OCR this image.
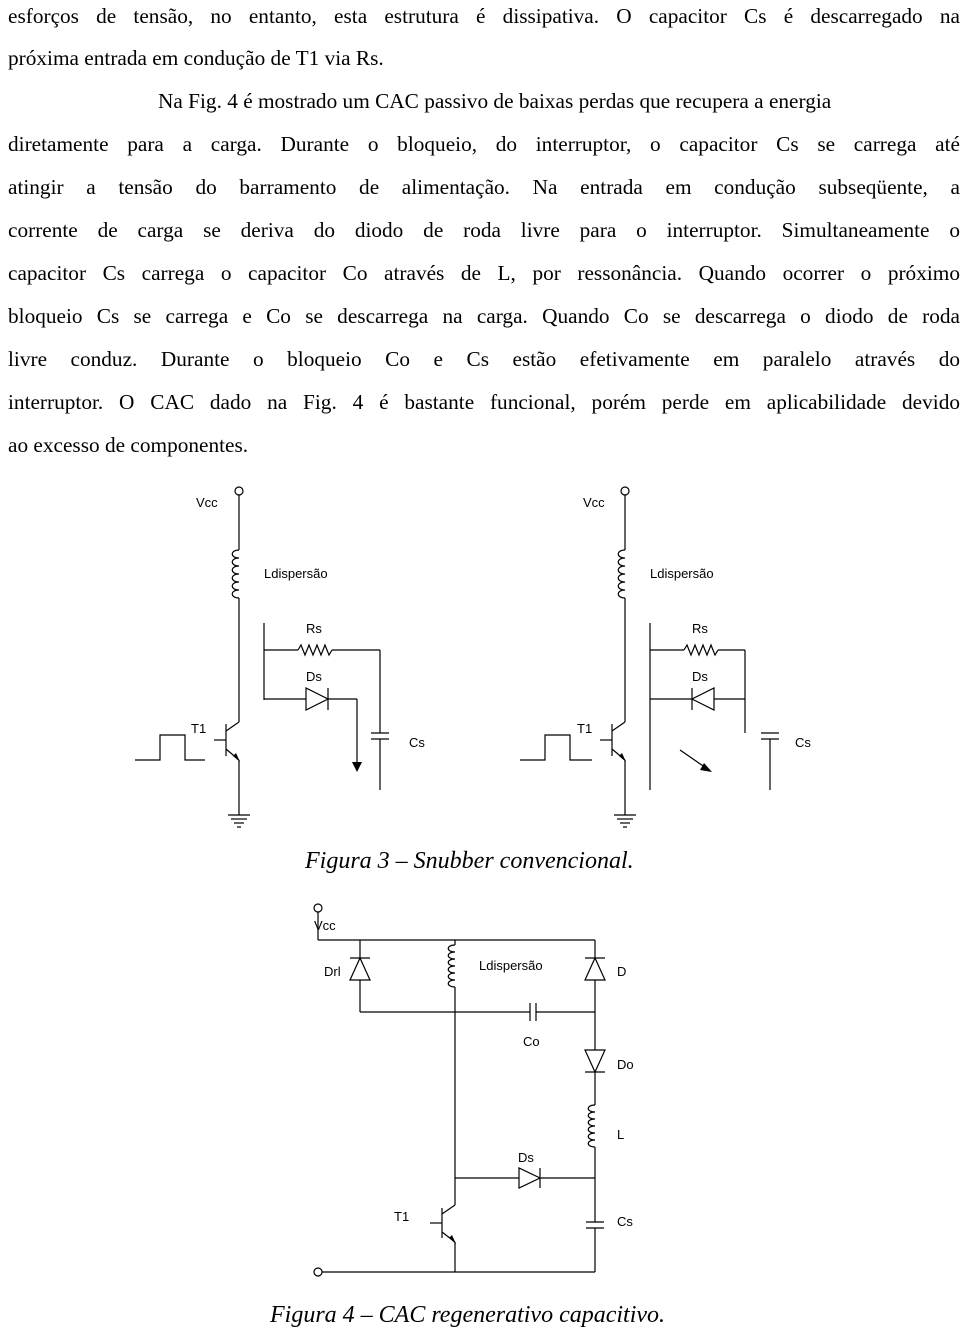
esforços de tensão, no entanto, esta estrutura é dissipativa. O capacitor Cs é descarregado na
próxima entrada em condução de T1 via Rs.
Na Fig. 4 é mostrado um CAC passivo de baixas perdas que recupera a energia
diretamente para a carga. Durante o bloqueio, do interruptor, o capacitor Cs se carrega até
atingir a tensão do barramento de alimentação. Na entrada em condução subseqüente, a
corrente de carga se deriva do diodo de roda livre para o interruptor. Simultaneamente o
capacitor Cs carrega o capacitor Co através de L, por ressonância. Quando ocorrer o próximo
bloqueio Cs se carrega e Co se descarrega na carga. Quando Co se descarrega o diodo de roda
livre conduz. Durante o bloqueio Co e Cs estão efetivamente em paralelo através do
interruptor. O CAC dado na Fig. 4 é bastante funcional, porém perde em aplicabilidade devido
ao excesso de componentes.
Vcc
Ldispersão
Rs
Ds
Cs
T1
Vcc
Ldispersão
Rs
Ds
Cs
T1
Vcc
Drl	Ldispersão	D
Co
Do
L
Ds
T1	Cs
Figura 3 – Snubber convencional.
Figura 4 – CAC regenerativo capacitivo.
